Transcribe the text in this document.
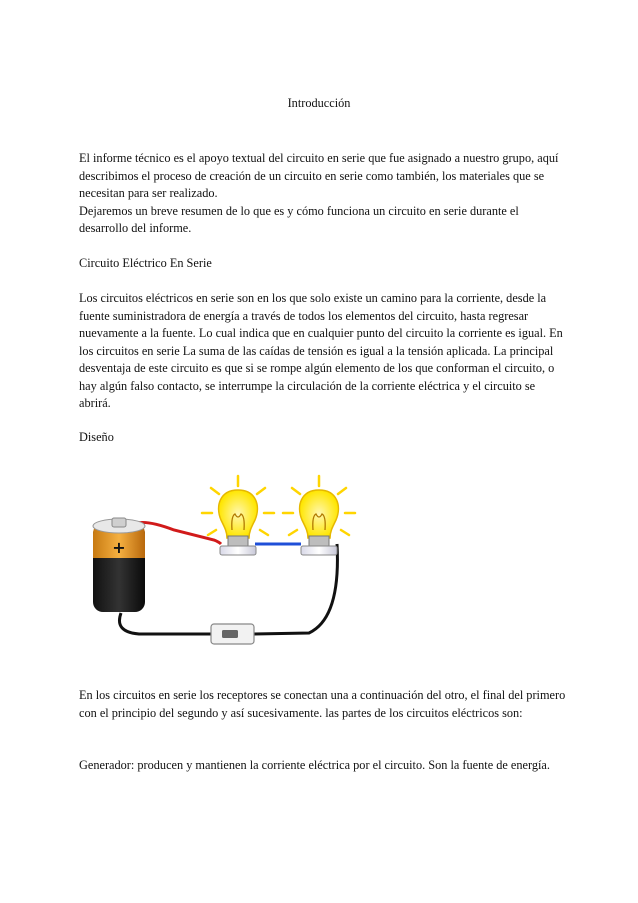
Introducción

El informe técnico es el apoyo textual del circuito en serie que fue asignado a nuestro grupo, aquí describimos el proceso de creación de un circuito en serie como también, los materiales que se necesitan para ser realizado.

Dejaremos un breve resumen de lo que es y cómo funciona un circuito en serie durante el desarrollo del informe.

Circuito Eléctrico En Serie
Los circuitos eléctricos en serie son en los que solo existe un camino para la corriente, desde la fuente suministradora de energía a través de todos los elementos del circuito, hasta regresar nuevamente a la fuente. Lo cual indica que en cualquier punto del circuito la corriente es igual. En los circuitos en serie La suma de las caídas de tensión es igual a la tensión aplicada. La principal desventaja de este circuito es que si se rompe algún elemento de los que conforman el circuito, o hay algún falso contacto, se interrumpe la circulación de la corriente eléctrica y el circuito se abrirá.
Diseño
+
En los circuitos en serie los receptores se conectan una a continuación del otro, el final del primero con el principio del segundo y así sucesivamente. las partes de los circuitos eléctricos son:
Generador: producen y mantienen la corriente eléctrica por el circuito. Son la fuente de energía.
